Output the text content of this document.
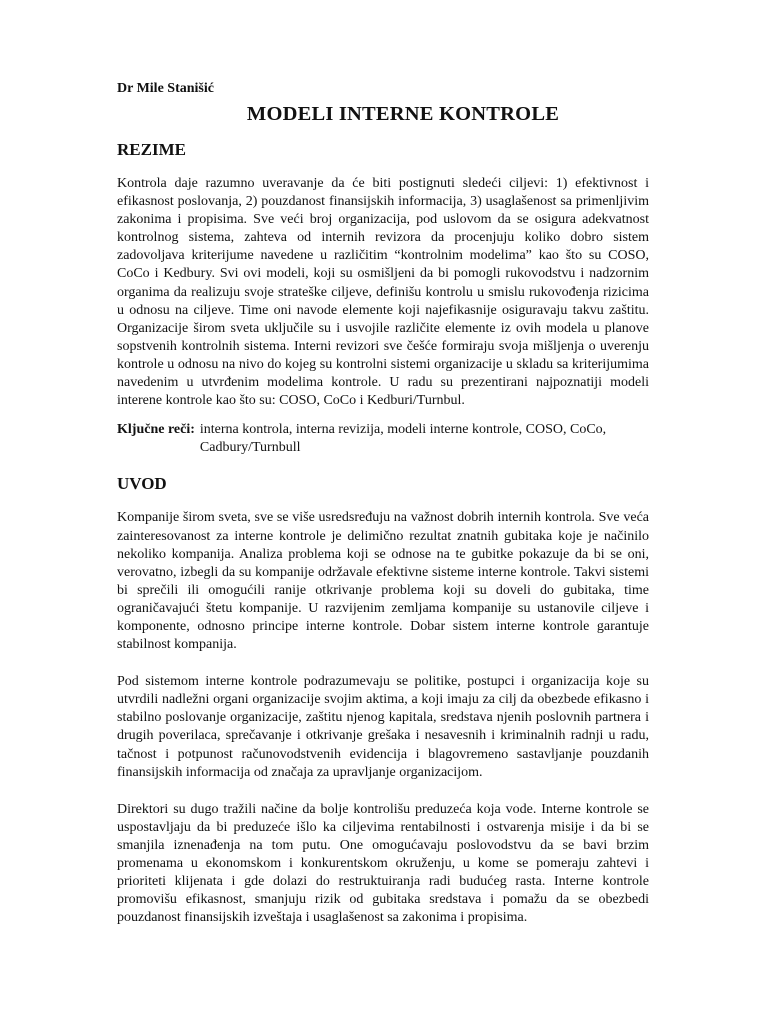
Dr Mile Stanišić

MODELI INTERNE KONTROLE
REZIME

Kontrola daje razumno uveravanje da će biti postignuti sledeći ciljevi: 1) efektivnost i efikasnost poslovanja, 2) pouzdanost finansijskih informacija, 3) usaglašenost sa primenljivim zakonima i propisima. Sve veći broj organizacija, pod uslovom da se osigura adekvatnost kontrolnog sistema, zahteva od internih revizora da procenjuju koliko dobro sistem zadovoljava kriterijume navedene u različitim “kontrolnim modelima” kao što su COSO, CoCo i Kedbury. Svi ovi modeli, koji su osmišljeni da bi pomogli rukovodstvu i nadzornim organima da realizuju svoje strateške ciljeve, definišu kontrolu u smislu rukovođenja rizicima u odnosu na ciljeve. Time oni navode elemente koji najefikasnije osiguravaju takvu zaštitu. Organizacije širom sveta uključile su i usvojile različite elemente iz ovih modela u planove sopstvenih kontrolnih sistema. Interni revizori sve češće formiraju svoja mišljenja o uverenju kontrole u odnosu na nivo do kojeg su kontrolni sistemi organizacije u skladu sa kriterijumima navedenim u utvrđenim modelima kontrole. U radu su prezentirani najpoznatiji modeli interene kontrole kao što su: COSO, CoCo i Kedburi/Turnbul.

Ključne reči: interna kontrola, interna revizija, modeli interne kontrole, COSO, CoCo, Cadbury/Turnbull
UVOD

Kompanije širom sveta, sve se više usredsređuju na važnost dobrih internih kontrola. Sve veća zainteresovanost za interne kontrole je delimično rezultat znatnih gubitaka koje je načinilo nekoliko kompanija. Analiza problema koji se odnose na te gubitke pokazuje da bi se oni, verovatno, izbegli da su kompanije održavale efektivne sisteme interne kontrole. Takvi sistemi bi sprečili ili omogućili ranije otkrivanje problema koji su doveli do gubitaka, time ograničavajući štetu kompanije. U razvijenim zemljama kompanije su ustanovile ciljeve i komponente, odnosno principe interne kontrole. Dobar sistem interne kontrole garantuje stabilnost kompanija.

Pod sistemom interne kontrole podrazumevaju se politike, postupci i organizacija koje su utvrdili nadležni organi organizacije svojim aktima, a koji imaju za cilj da obezbede efikasno i stabilno poslovanje organizacije, zaštitu njenog kapitala, sredstava njenih poslovnih partnera i drugih poverilaca, sprečavanje i otkrivanje grešaka i nesavesnih i kriminalnih radnji u radu, tačnost i potpunost računovodstvenih evidencija i blagovremeno sastavljanje pouzdanih finansijskih informacija od značaja za upravljanje organizacijom.

Direktori su dugo tražili načine da bolje kontrolišu preduzeća koja vode. Interne kontrole se uspostavljaju da bi preduzeće išlo ka ciljevima rentabilnosti i ostvarenja misije i da bi se smanjila iznenađenja na tom putu. One omogućavaju poslovodstvu da se bavi brzim promenama u ekonomskom i konkurentskom okruženju, u kome se pomeraju zahtevi i prioriteti klijenata i gde dolazi do restruktuiranja radi budućeg rasta. Interne kontrole promovišu efikasnost, smanjuju rizik od gubitaka sredstava i pomažu da se obezbedi pouzdanost finansijskih izveštaja i usaglašenost sa zakonima i propisima.
